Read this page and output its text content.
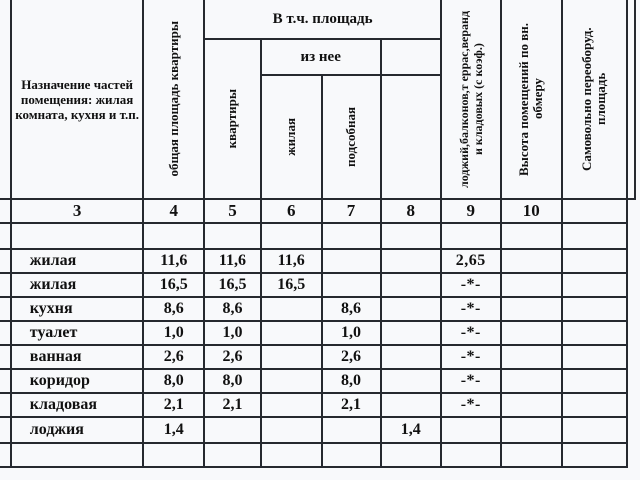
	Назначение частей помещения: жилая комната, кухня и т.п.	общая площадь квартиры	В т.ч. площадь				лоджий,балконов,т еррас,веранд и кладовых (с коэф.)	Высота помещений по вн. обмеру	Самовольно переоборуд. площадь	

			квартиры	из нее						

				жилая	подсобная					

	3	4	5	6	7	8	9	10		

	жилая	11,6	11,6	11,6			2,65			
	жилая	16,5	16,5	16,5			-*-			
	кухня	8,6	8,6		8,6		-*-			
	туалет	1,0	1,0		1,0		-*-			
	ванная	2,6	2,6		2,6		-*-			
	коридор	8,0	8,0		8,0		-*-			
	кладовая	2,1	2,1		2,1		-*-			
	лоджия	1,4				1,4				
